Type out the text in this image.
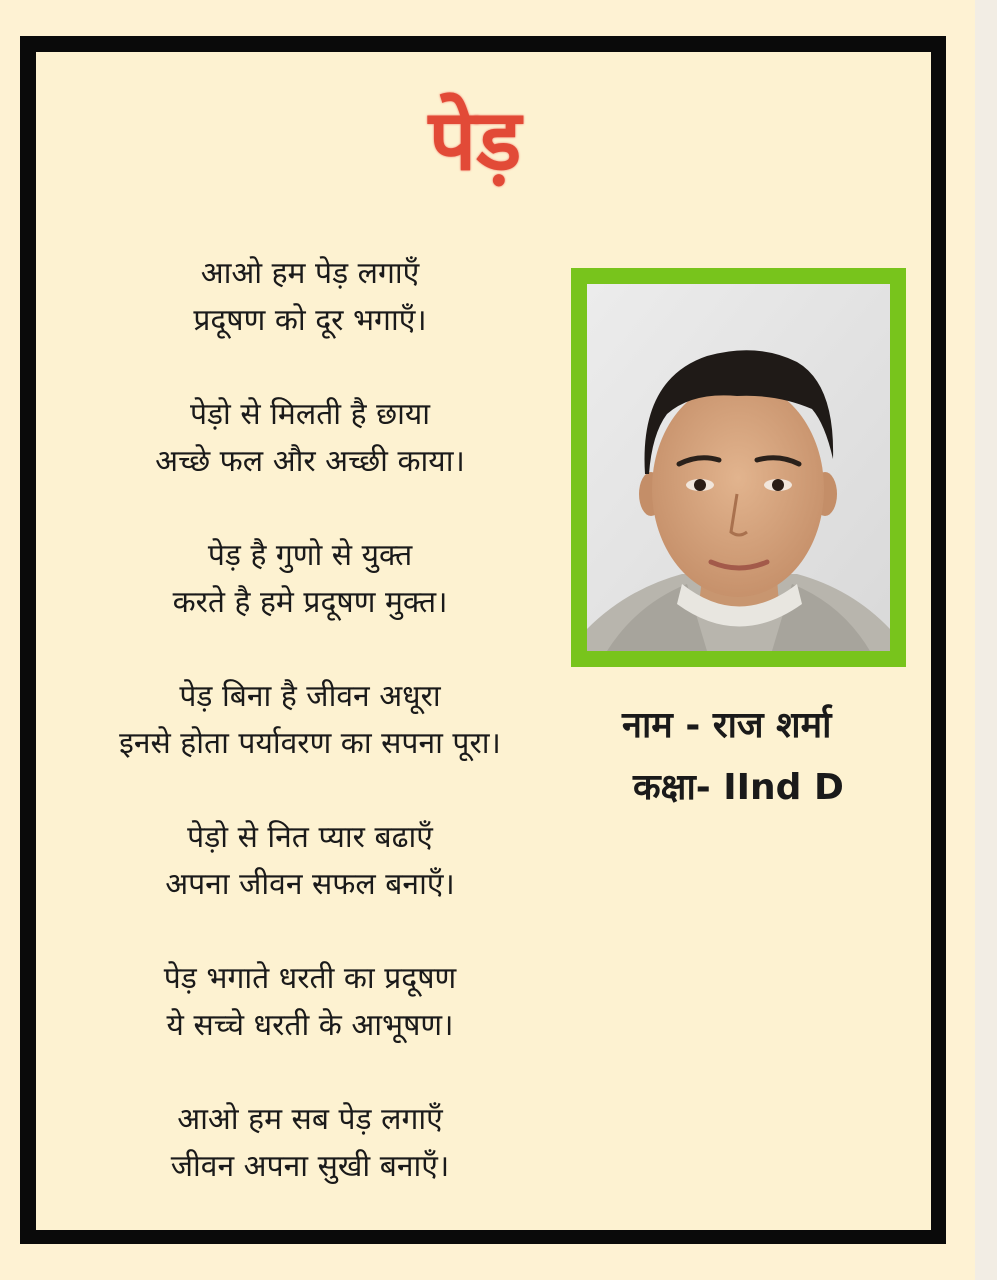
पेड़
आओ हम पेड़ लगाएँ
प्रदूषण को दूर भगाएँ।
पेड़ो से मिलती है छाया
अच्छे फल और अच्छी काया।
पेड़ है गुणो से युक्त
करते है हमे प्रदूषण मुक्त।
पेड़ बिना है जीवन अधूरा
इनसे होता पर्यावरण का सपना पूरा।
पेड़ो से नित प्यार बढाएँ
अपना जीवन सफल बनाएँ।
पेड़ भगाते धरती का प्रदूषण
ये सच्चे धरती के आभूषण।
आओ हम सब पेड़ लगाएँ
जीवन अपना सुखी बनाएँ।
नाम - राज शर्मा
कक्षा- IInd D
